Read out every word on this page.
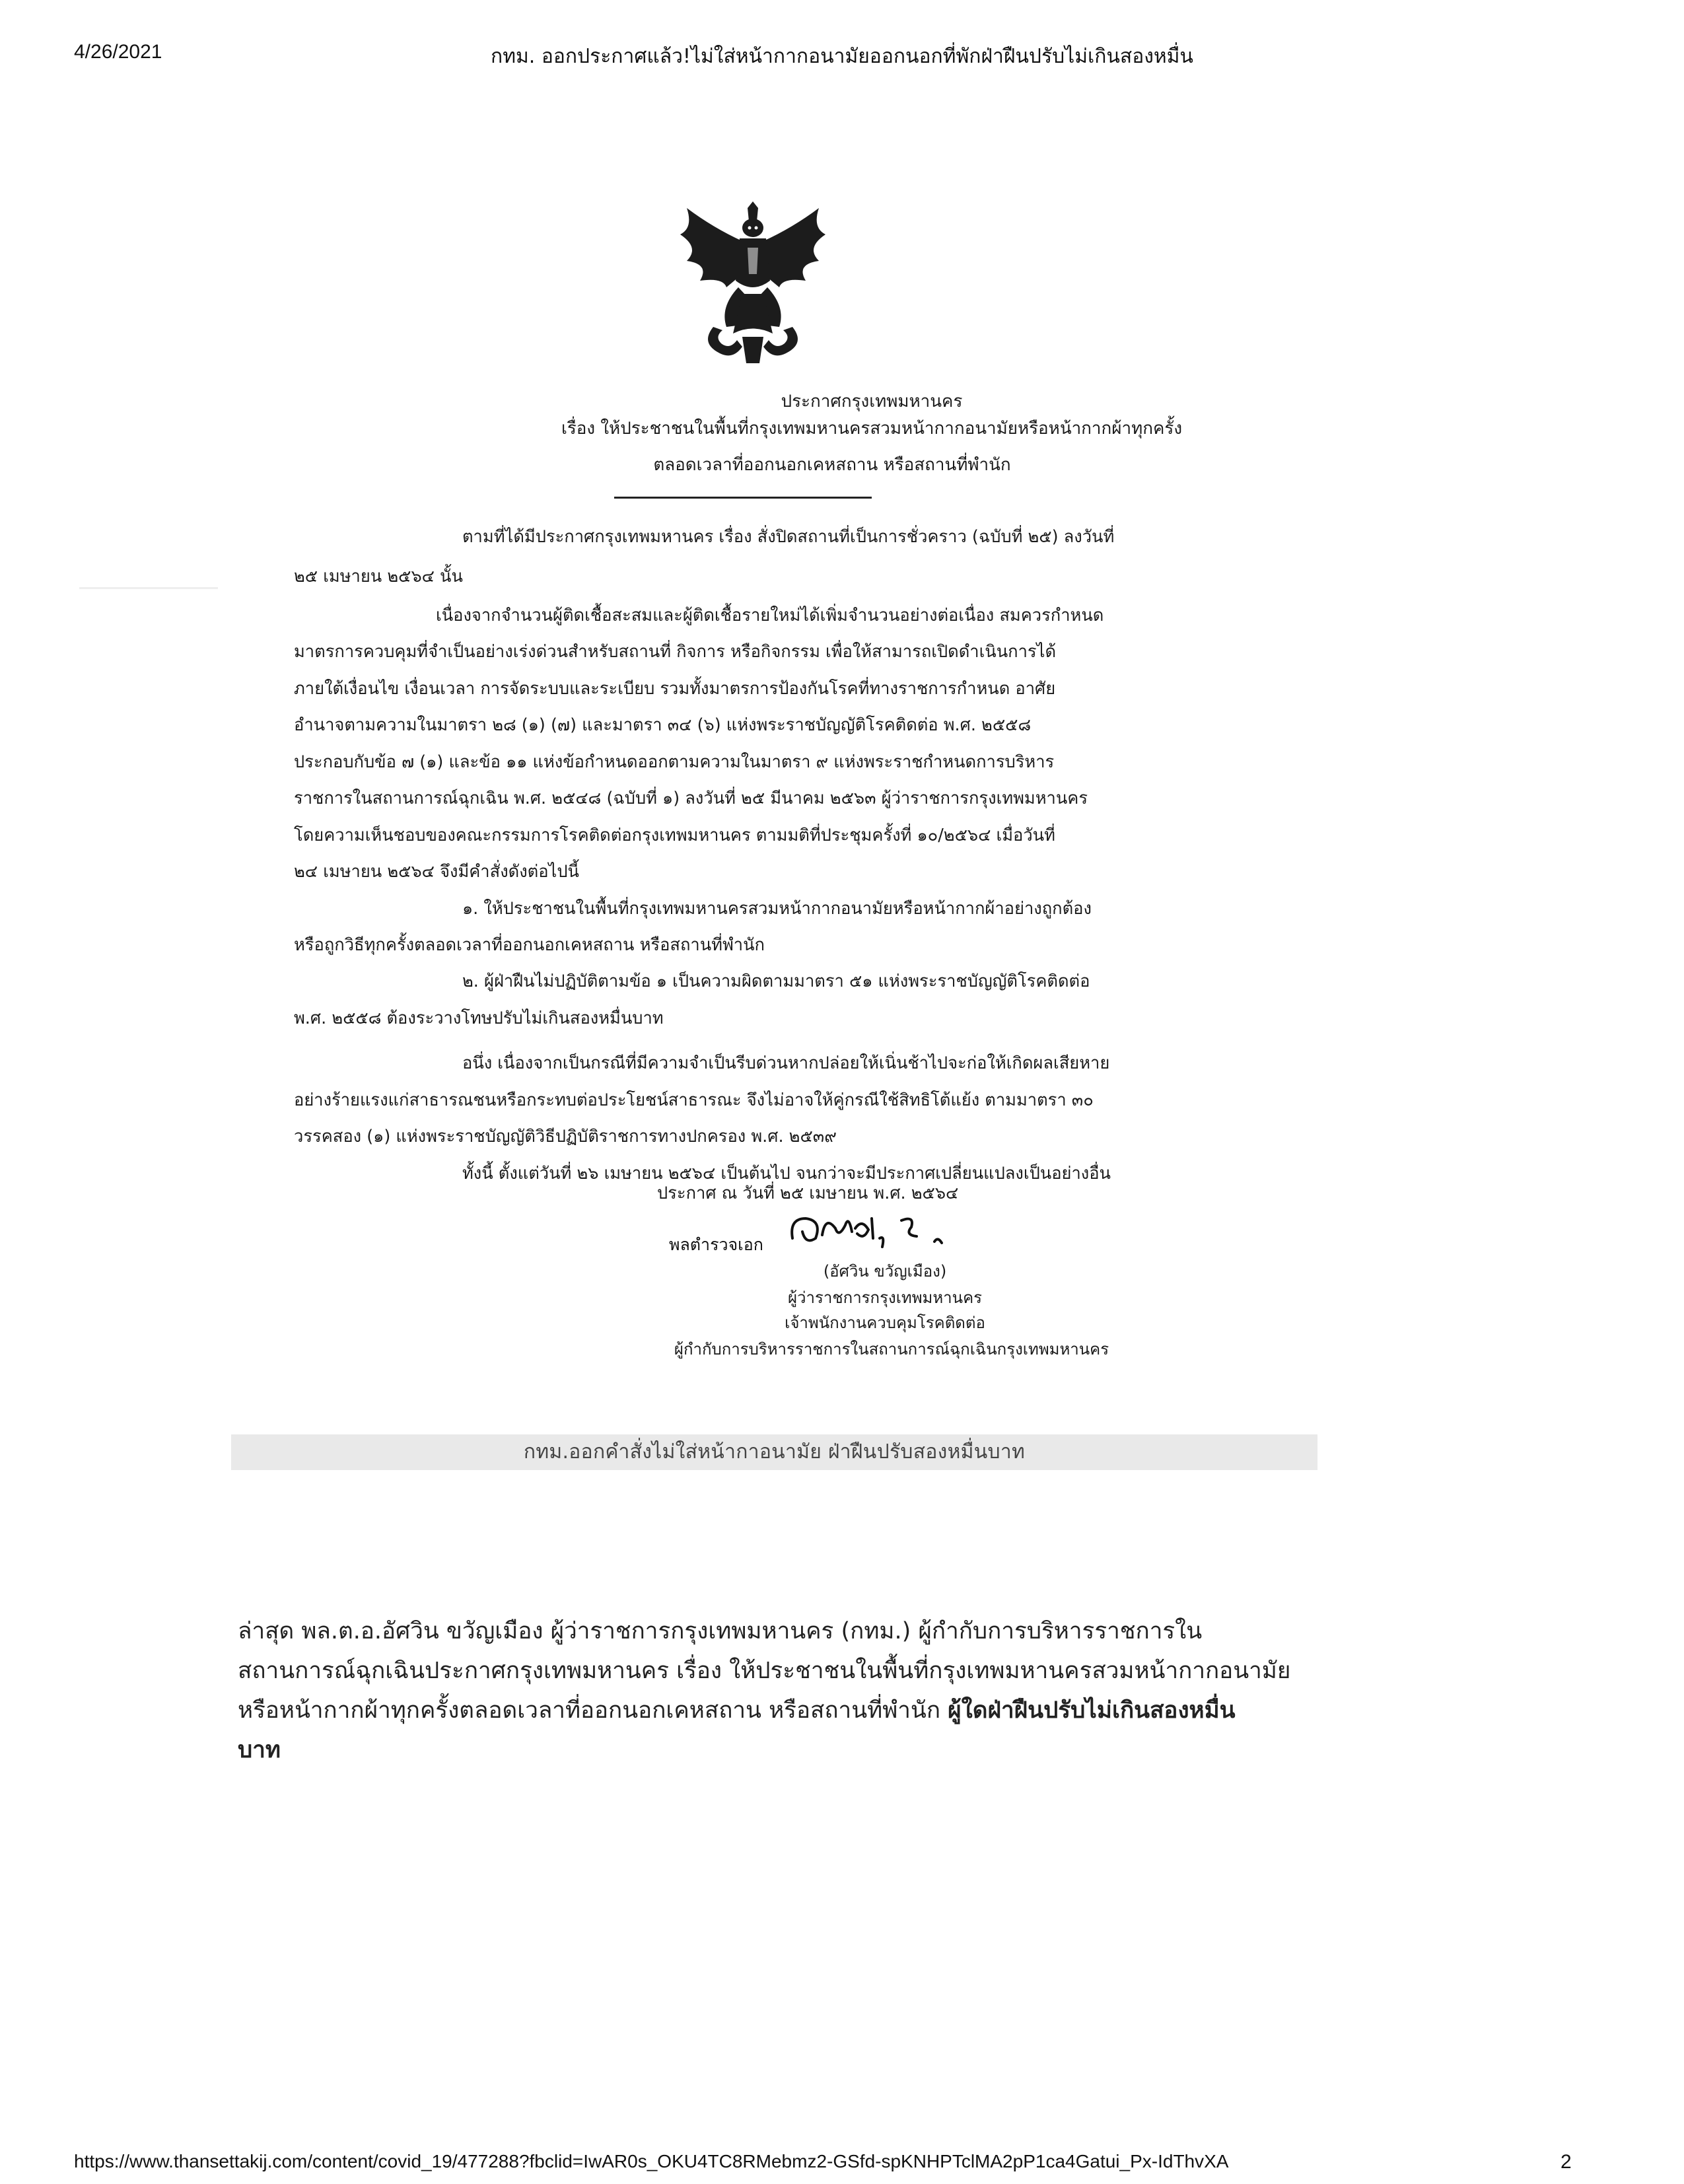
กทม. ออกประกาศแล้ว!ไม่ใส่หน้ากากอนามัยออกนอกที่พักฝ่าฝืนปรับไม่เกินสองหมื่น
4/26/2021
ประกาศกรุงเทพมหานคร
เรื่อง ให้ประชาชนในพื้นที่กรุงเทพมหานครสวมหน้ากากอนามัยหรือหน้ากากผ้าทุกครั้ง
ตลอดเวลาที่ออกนอกเคหสถาน หรือสถานที่พำนัก
ตามที่ได้มีประกาศกรุงเทพมหานคร เรื่อง สั่งปิดสถานที่เป็นการชั่วคราว (ฉบับที่ ๒๕) ลงวันที่
๒๕ เมษายน ๒๕๖๔ นั้น
เนื่องจากจำนวนผู้ติดเชื้อสะสมและผู้ติดเชื้อรายใหม่ได้เพิ่มจำนวนอย่างต่อเนื่อง สมควรกำหนด
มาตรการควบคุมที่จำเป็นอย่างเร่งด่วนสำหรับสถานที่ กิจการ หรือกิจกรรม เพื่อให้สามารถเปิดดำเนินการได้
ภายใต้เงื่อนไข เงื่อนเวลา การจัดระบบและระเบียบ รวมทั้งมาตรการป้องกันโรคที่ทางราชการกำหนด อาศัย
อำนาจตามความในมาตรา ๒๘ (๑) (๗) และมาตรา ๓๔ (๖) แห่งพระราชบัญญัติโรคติดต่อ พ.ศ. ๒๕๕๘
ประกอบกับข้อ ๗ (๑) และข้อ ๑๑ แห่งข้อกำหนดออกตามความในมาตรา ๙ แห่งพระราชกำหนดการบริหาร
ราชการในสถานการณ์ฉุกเฉิน พ.ศ. ๒๕๔๘ (ฉบับที่ ๑) ลงวันที่ ๒๕ มีนาคม ๒๕๖๓ ผู้ว่าราชการกรุงเทพมหานคร
โดยความเห็นชอบของคณะกรรมการโรคติดต่อกรุงเทพมหานคร ตามมติที่ประชุมครั้งที่ ๑๐/๒๕๖๔ เมื่อวันที่
๒๔ เมษายน ๒๕๖๔ จึงมีคำสั่งดังต่อไปนี้
๑. ให้ประชาชนในพื้นที่กรุงเทพมหานครสวมหน้ากากอนามัยหรือหน้ากากผ้าอย่างถูกต้อง
หรือถูกวิธีทุกครั้งตลอดเวลาที่ออกนอกเคหสถาน หรือสถานที่พำนัก
๒. ผู้ฝ่าฝืนไม่ปฏิบัติตามข้อ ๑ เป็นความผิดตามมาตรา ๕๑ แห่งพระราชบัญญัติโรคติดต่อ
พ.ศ. ๒๕๕๘ ต้องระวางโทษปรับไม่เกินสองหมื่นบาท
อนึ่ง เนื่องจากเป็นกรณีที่มีความจำเป็นรีบด่วนหากปล่อยให้เนิ่นช้าไปจะก่อให้เกิดผลเสียหาย
อย่างร้ายแรงแก่สาธารณชนหรือกระทบต่อประโยชน์สาธารณะ จึงไม่อาจให้คู่กรณีใช้สิทธิโต้แย้ง ตามมาตรา ๓๐
วรรคสอง (๑) แห่งพระราชบัญญัติวิธีปฏิบัติราชการทางปกครอง พ.ศ. ๒๕๓๙
ทั้งนี้ ตั้งแต่วันที่ ๒๖ เมษายน ๒๕๖๔ เป็นต้นไป จนกว่าจะมีประกาศเปลี่ยนแปลงเป็นอย่างอื่น
ประกาศ ณ วันที่ ๒๕ เมษายน พ.ศ. ๒๕๖๔
พลตำรวจเอก
(อัศวิน ขวัญเมือง)
ผู้ว่าราชการกรุงเทพมหานคร
เจ้าพนักงานควบคุมโรคติดต่อ
ผู้กำกับการบริหารราชการในสถานการณ์ฉุกเฉินกรุงเทพมหานคร
กทม.ออกคำสั่งไม่ใส่หน้ากาอนามัย ฝ่าฝืนปรับสองหมื่นบาท
ล่าสุด พล.ต.อ.อัศวิน ขวัญเมือง ผู้ว่าราชการกรุงเทพมหานคร (กทม.) ผู้กำกับการบริหารราชการใน
สถานการณ์ฉุกเฉินประกาศกรุงเทพมหานคร เรื่อง ให้ประชาชนในพื้นที่กรุงเทพมหานครสวมหน้ากากอนามัย
หรือหน้ากากผ้าทุกครั้งตลอดเวลาที่ออกนอกเคหสถาน หรือสถานที่พำนัก ผู้ใดฝ่าฝืนปรับไม่เกินสองหมื่น
บาท
https://www.thansettakij.com/content/covid_19/477288?fbclid=IwAR0s_OKU4TC8RMebmz2-GSfd-spKNHPTclMA2pP1ca4Gatui_Px-IdThvXA	2
